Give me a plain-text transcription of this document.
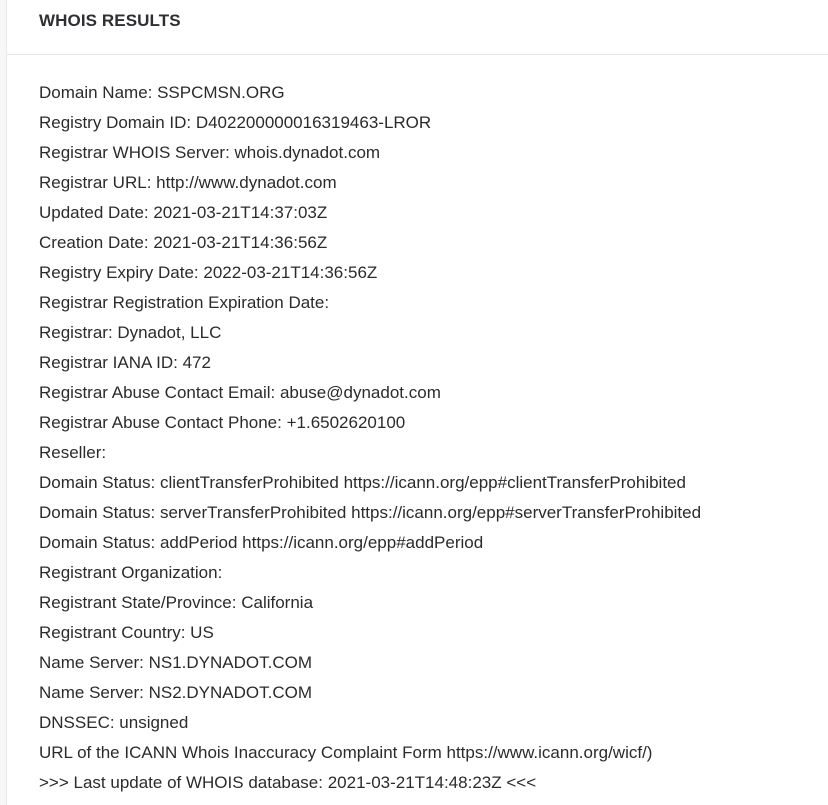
WHOIS RESULTS
Domain Name: SSPCMSN.ORG
Registry Domain ID: D402200000016319463-LROR
Registrar WHOIS Server: whois.dynadot.com
Registrar URL: http://www.dynadot.com
Updated Date: 2021-03-21T14:37:03Z
Creation Date: 2021-03-21T14:36:56Z
Registry Expiry Date: 2022-03-21T14:36:56Z
Registrar Registration Expiration Date:
Registrar: Dynadot, LLC
Registrar IANA ID: 472
Registrar Abuse Contact Email: abuse@dynadot.com
Registrar Abuse Contact Phone: +1.6502620100
Reseller:
Domain Status: clientTransferProhibited https://icann.org/epp#clientTransferProhibited
Domain Status: serverTransferProhibited https://icann.org/epp#serverTransferProhibited
Domain Status: addPeriod https://icann.org/epp#addPeriod
Registrant Organization:
Registrant State/Province: California
Registrant Country: US
Name Server: NS1.DYNADOT.COM
Name Server: NS2.DYNADOT.COM
DNSSEC: unsigned
URL of the ICANN Whois Inaccuracy Complaint Form https://www.icann.org/wicf/)
>>> Last update of WHOIS database: 2021-03-21T14:48:23Z <<<
